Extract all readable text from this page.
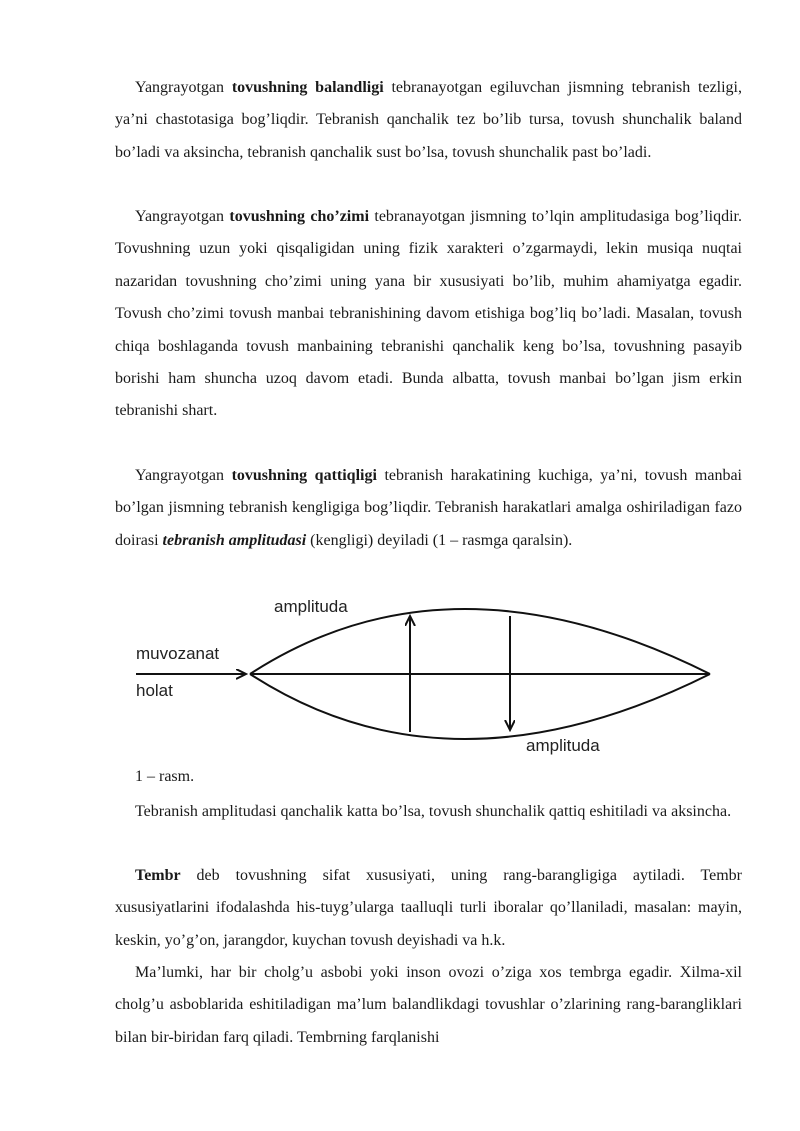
Yangrayotgan tovushning balandligi tebranayotgan egiluvchan jismning tebranish tezligi, ya’ni chastotasiga bog’liqdir. Tebranish qanchalik tez bo’lib tursa, tovush shunchalik baland bo’ladi va aksincha, tebranish qanchalik sust bo’lsa, tovush shunchalik past bo’ladi.

Yangrayotgan tovushning cho’zimi tebranayotgan jismning to’lqin amplitudasiga bog’liqdir. Tovushning uzun yoki qisqaligidan uning fizik xarakteri o’zgarmaydi, lekin musiqa nuqtai nazaridan tovushning cho’zimi uning yana bir xususiyati bo’lib, muhim ahamiyatga egadir. Tovush cho’zimi tovush manbai tebranishining davom etishiga bog’liq bo’ladi. Masalan, tovush chiqa boshlaganda tovush manbaining tebranishi qanchalik keng bo’lsa, tovushning pasayib borishi ham shuncha uzoq davom etadi. Bunda albatta, tovush manbai bo’lgan jism erkin tebranishi shart.

Yangrayotgan tovushning qattiqligi tebranish harakatining kuchiga, ya’ni, tovush manbai bo’lgan jismning tebranish kengligiga bog’liqdir. Tebranish harakatlari amalga oshiriladigan fazo doirasi tebranish amplitudasi (kengligi) deyiladi (1 – rasmga qaralsin).

amplituda
muvozanat
holat
amplituda

1 – rasm.

Tebranish amplitudasi qanchalik katta bo’lsa, tovush shunchalik qattiq eshitiladi va aksincha.

Tembr deb tovushning sifat xususiyati, uning rang-barangligiga aytiladi. Tembr xususiyatlarini ifodalashda his-tuyg’ularga taalluqli turli iboralar qo’llaniladi, masalan: mayin, keskin, yo’g’on, jarangdor, kuychan tovush deyishadi va h.k.

Ma’lumki, har bir cholg’u asbobi yoki inson ovozi o’ziga xos tembrga egadir. Xilma-xil cholg’u asboblarida eshitiladigan ma’lum balandlikdagi tovushlar o’zlarining rang-barangliklari bilan bir-biridan farq qiladi. Tembrning farqlanishi
